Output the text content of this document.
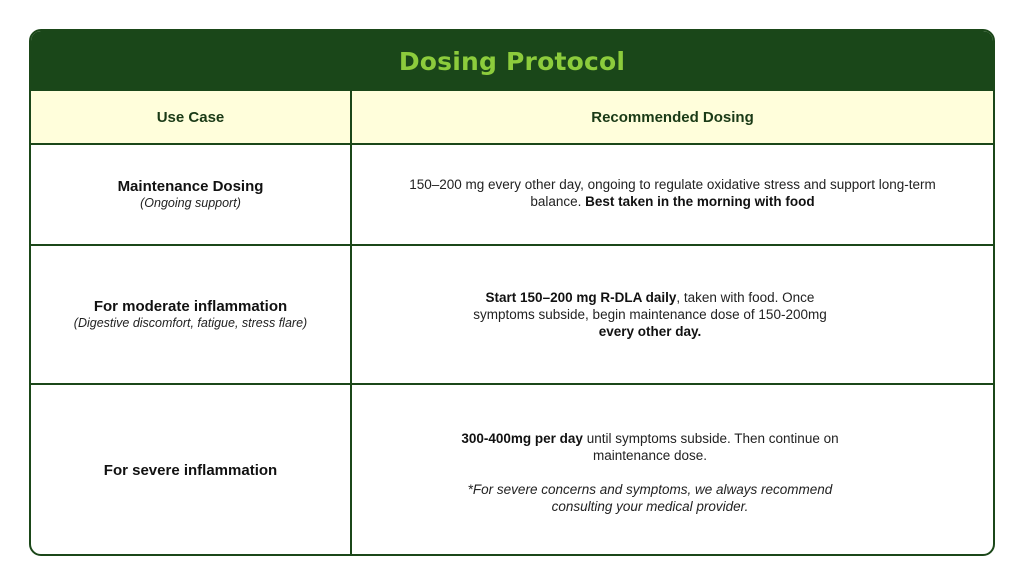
Dosing Protocol
Use Case	Recommended Dosing
Maintenance Dosing
(Ongoing support)
150–200 mg every other day, ongoing to regulate oxidative stress and support long-term balance. Best taken in the morning with food
For moderate inflammation
(Digestive discomfort, fatigue, stress flare)
Start 150–200 mg R-DLA daily, taken with food. Once symptoms subside, begin maintenance dose of 150-200mg every other day.
For severe inflammation
300-400mg per day until symptoms subside. Then continue on maintenance dose.
*For severe concerns and symptoms, we always recommend consulting your medical provider.
